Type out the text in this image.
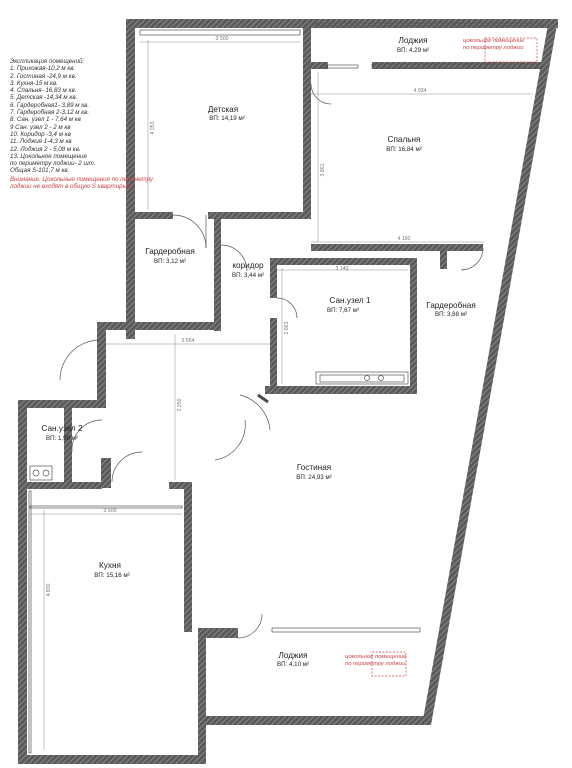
Экспликация помещений:
1. Прихожая-10,2 м кв.
2. Гостиная -24,9 м кв.
3. Кухня-15 м кв.
4. Спальня- 16,83 м кв.
5. Детская -14,34 м кв.
6. Гардеробная1- 3,89 м кв.
7. Гардеробная 2-3,12 м кв.
8. Сан. узел 1 - 7,64 м кв
9 Сан. узел 2 - 2 м кв
10. Коридор -3,4 м кв
11. Лоджия 1-4,3 м кв
12. Лоджия 2 - 5,08 м кв.
13. Цокольное помещение
по периметру лоджии- 2 шт.
Общая S-101,7 м кв.
Внимание: Цокольные помещения по периметру лоджии не входят в общую S квартиры!!!
Детская
ВП: 14,19 м²
Лоджия
ВП: 4,29 м²
Спальня
ВП: 16,84 м²
Гардеробная
ВП: 3,12 м²	коридор
ВП: 3,44 м²
Сан.узел 1
ВП: 7,67 м²
Гардеробная
ВП: 3,88 м²
Сан.узел 2
ВП: 1,99 м²
Гостиная
ВП: 24,93 м²
Кухня
ВП: 15,16 м²
Лоджия
ВП: 4,10 м²
цокольное помещение
по периметру лоджии
цокольное помещение
по периметру лоджии
3 500
4 934
4 053
3 861
4 192
3 140
2 863
3 554
3 250
3 500
4 830
